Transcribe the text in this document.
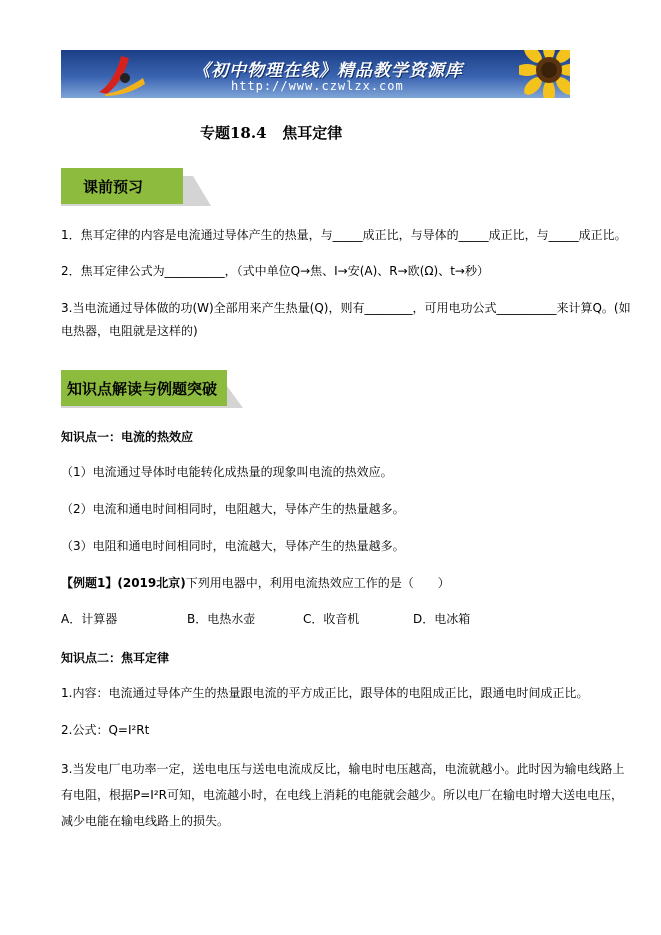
《初中物理在线》精品教学资源库
http://www.czwlzx.com
专题18.4   焦耳定律
课前预习
1．焦耳定律的内容是电流通过导体产生的热量，与_____成正比，与导体的_____成正比，与_____成正比。
2．焦耳定律公式为__________，（式中单位Q→焦、I→安(A)、R→欧(Ω)、t→秒）
3.当电流通过导体做的功(W)全部用来产生热量(Q)，则有________，可用电功公式__________来计算Q。(如
电热器，电阻就是这样的)
知识点解读与例题突破
知识点一：电流的热效应
（1）电流通过导体时电能转化成热量的现象叫电流的热效应。
（2）电流和通电时间相同时，电阻越大，导体产生的热量越多。
（3）电阻和通电时间相同时，电流越大，导体产生的热量越多。
【例题1】(2019北京)下列用电器中，利用电流热效应工作的是（　　）
A．计算器	B．电热水壶	C．收音机	D．电冰箱
知识点二：焦耳定律
1.内容：电流通过导体产生的热量跟电流的平方成正比，跟导体的电阻成正比，跟通电时间成正比。
2.公式：Q=I²Rt
3.当发电厂电功率一定，送电电压与送电电流成反比，输电时电压越高，电流就越小。此时因为输电线路上
有电阻，根据P=I²R可知，电流越小时，在电线上消耗的电能就会越少。所以电厂在输电时增大送电电压，
减少电能在输电线路上的损失。
